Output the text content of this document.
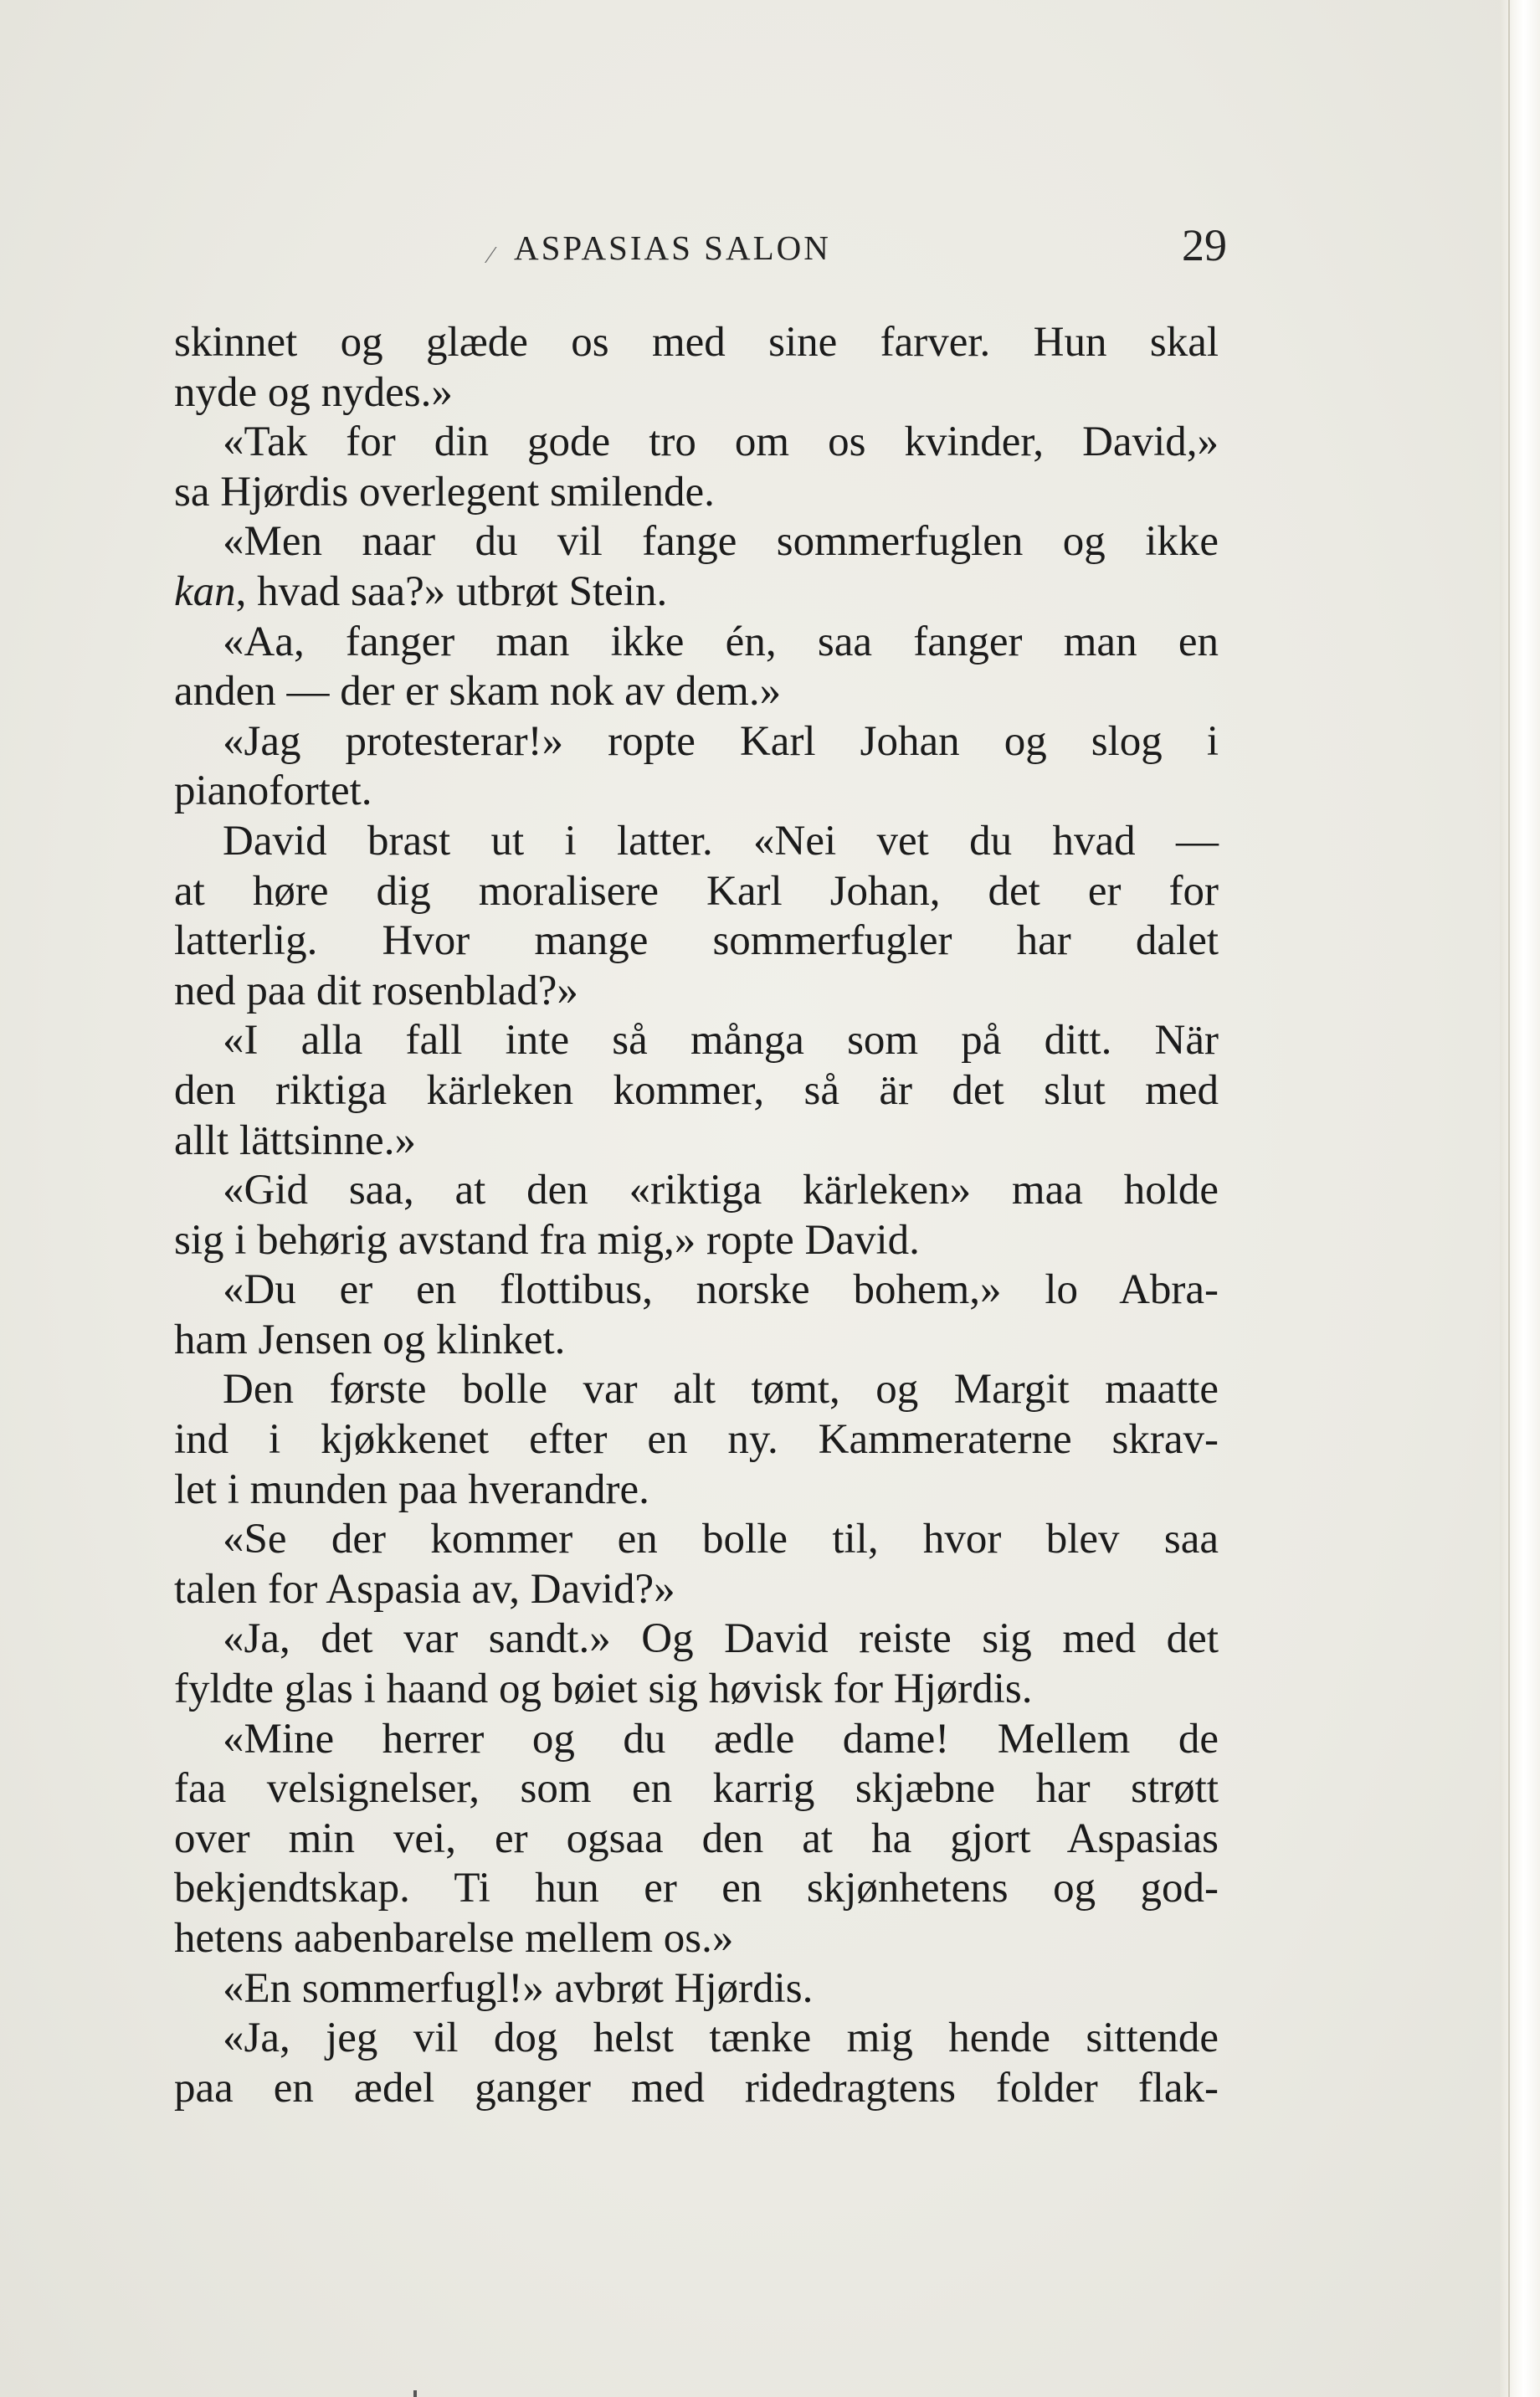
⁄ ASPASIAS SALON	29
skinnet og glæde os med sine farver. Hun skal
nyde og nydes.»
«Tak for din gode tro om os kvinder, David,»
sa Hjørdis overlegent smilende.
«Men naar du vil fange sommerfuglen og ikke
kan, hvad saa?» utbrøt Stein.
«Aa, fanger man ikke én, saa fanger man en
anden — der er skam nok av dem.»
«Jag protesterar!» ropte Karl Johan og slog i
pianofortet.
David brast ut i latter. «Nei vet du hvad —
at høre dig moralisere Karl Johan, det er for
latterlig. Hvor mange sommerfugler har dalet
ned paa dit rosenblad?»
«I alla fall inte så många som på ditt. När
den riktiga kärleken kommer, så är det slut med
allt lättsinne.»
«Gid saa, at den «riktiga kärleken» maa holde
sig i behørig avstand fra mig,» ropte David.
«Du er en flottibus, norske bohem,» lo Abra-
ham Jensen og klinket.
Den første bolle var alt tømt, og Margit maatte
ind i kjøkkenet efter en ny. Kammeraterne skrav-
let i munden paa hverandre.
«Se der kommer en bolle til, hvor blev saa
talen for Aspasia av, David?»
«Ja, det var sandt.» Og David reiste sig med det
fyldte glas i haand og bøiet sig høvisk for Hjørdis.
«Mine herrer og du ædle dame! Mellem de
faa velsignelser, som en karrig skjæbne har strøtt
over min vei, er ogsaa den at ha gjort Aspasias
bekjendtskap. Ti hun er en skjønhetens og god-
hetens aabenbarelse mellem os.»
«En sommerfugl!» avbrøt Hjørdis.
«Ja, jeg vil dog helst tænke mig hende sittende
paa en ædel ganger med ridedragtens folder flak-
